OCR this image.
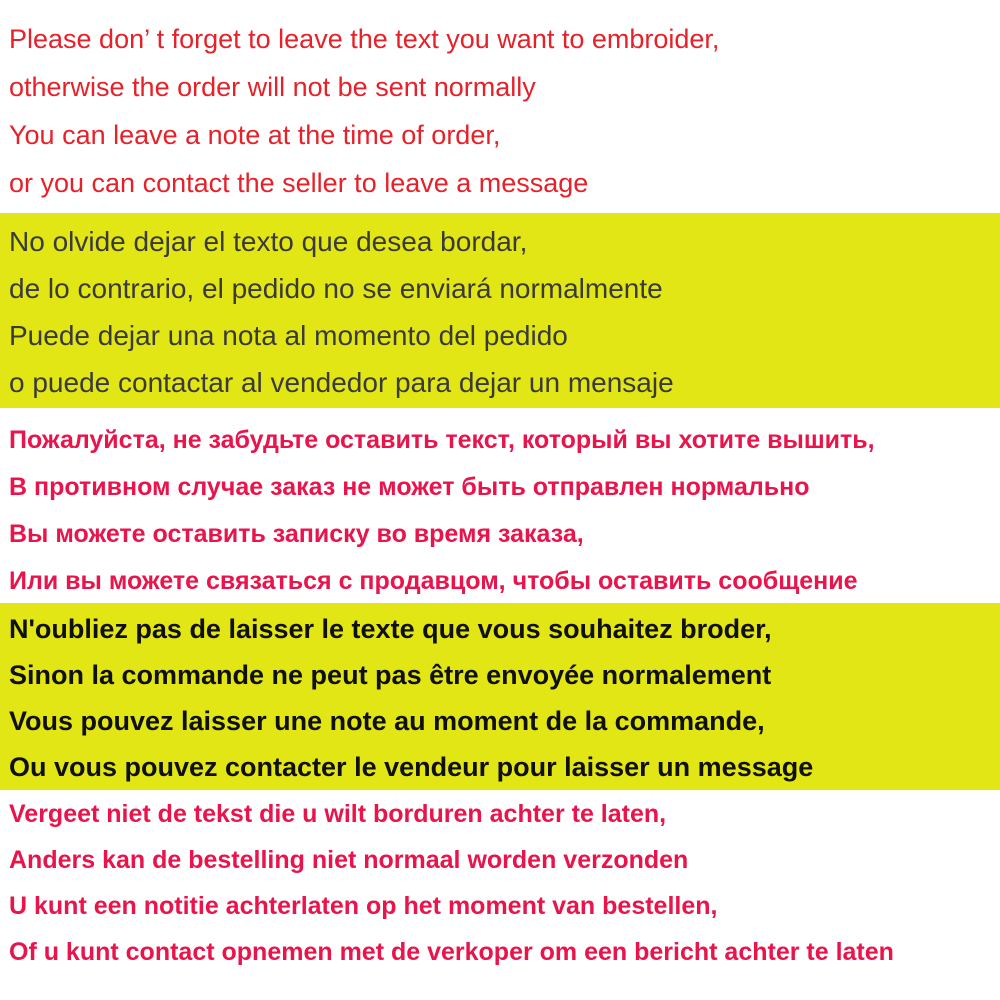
Please don’ t forget to leave the text you want to embroider,

otherwise the order will not be sent normally

You can leave a note at the time of order,

or you can contact the seller to leave a message

No olvide dejar el texto que desea bordar,

de lo contrario, el pedido no se enviará normalmente

Puede dejar una nota al momento del pedido

o puede contactar al vendedor para dejar un mensaje

Пожалуйста, не забудьте оставить текст, который вы хотите вышить,

В противном случае заказ не может быть отправлен нормально

Вы можете оставить записку во время заказа,

Или вы можете связаться с продавцом, чтобы оставить сообщение

N'oubliez pas de laisser le texte que vous souhaitez broder,

Sinon la commande ne peut pas être envoyée normalement

Vous pouvez laisser une note au moment de la commande,

Ou vous pouvez contacter le vendeur pour laisser un message

Vergeet niet de tekst die u wilt borduren achter te laten,

Anders kan de bestelling niet normaal worden verzonden

U kunt een notitie achterlaten op het moment van bestellen,

Of u kunt contact opnemen met de verkoper om een bericht achter te laten
